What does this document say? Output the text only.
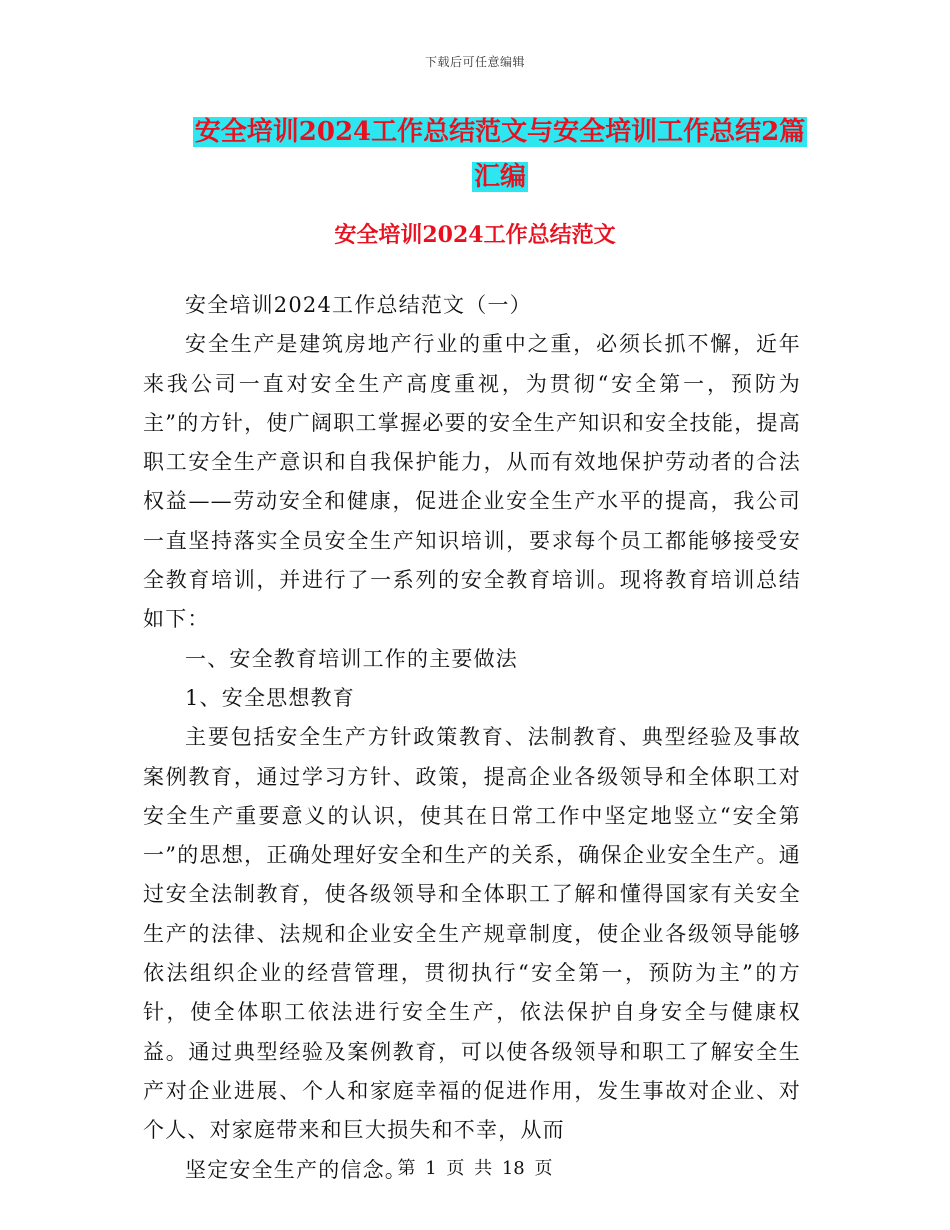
下载后可任意编辑
安全培训2024工作总结范文与安全培训工作总结2篇
汇编
安全培训2024工作总结范文

安全培训2024工作总结范文（一）

安全生产是建筑房地产行业的重中之重，必须长抓不懈，近年来我公司一直对安全生产高度重视，为贯彻“安全第一，预防为主”的方针，使广阔职工掌握必要的安全生产知识和安全技能，提高职工安全生产意识和自我保护能力，从而有效地保护劳动者的合法权益——劳动安全和健康，促进企业安全生产水平的提高，我公司一直坚持落实全员安全生产知识培训，要求每个员工都能够接受安全教育培训，并进行了一系列的安全教育培训。现将教育培训总结如下：

一、安全教育培训工作的主要做法

1、安全思想教育

主要包括安全生产方针政策教育、法制教育、典型经验及事故案例教育，通过学习方针、政策，提高企业各级领导和全体职工对安全生产重要意义的认识，使其在日常工作中坚定地竖立“安全第一”的思想，正确处理好安全和生产的关系，确保企业安全生产。通过安全法制教育，使各级领导和全体职工了解和懂得国家有关安全生产的法律、法规和企业安全生产规章制度，使企业各级领导能够依法组织企业的经营管理，贯彻执行“安全第一，预防为主”的方针，使全体职工依法进行安全生产，依法保护自身安全与健康权益。通过典型经验及案例教育，可以使各级领导和职工了解安全生产对企业进展、个人和家庭幸福的促进作用，发生事故对企业、对个人、对家庭带来和巨大损失和不幸，从而

坚定安全生产的信念。

第 1 页 共 18 页
